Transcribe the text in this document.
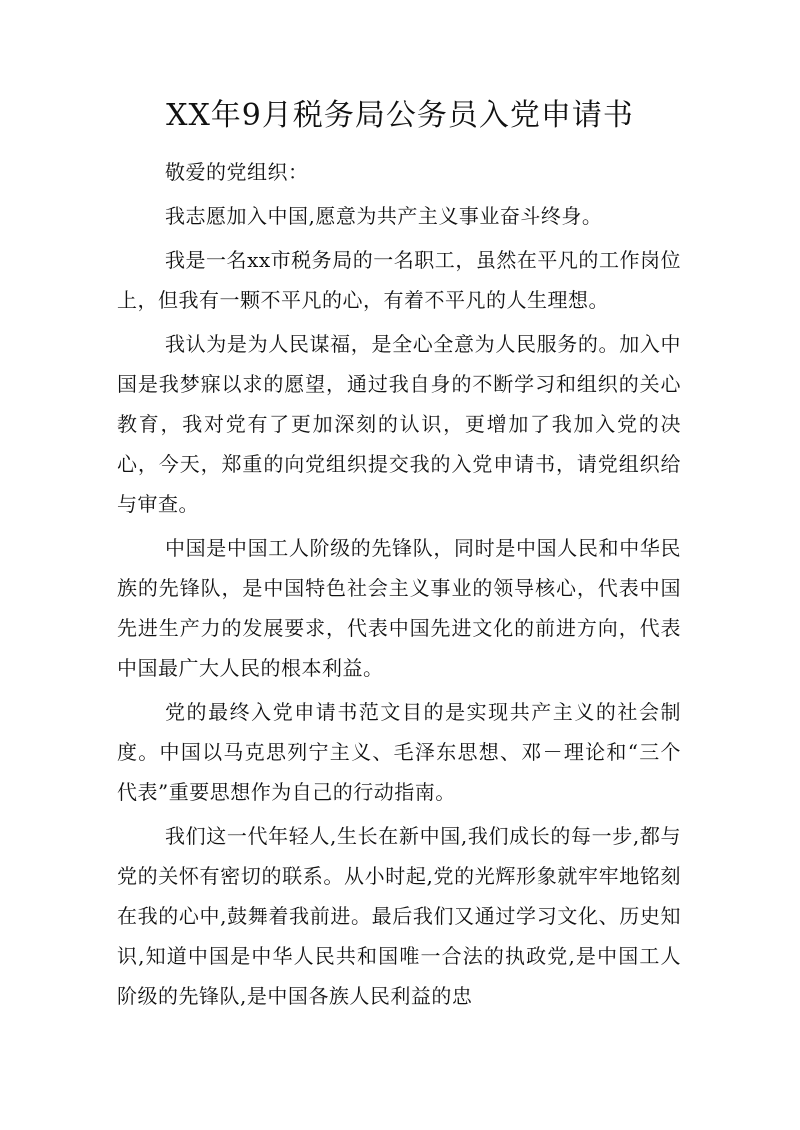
XX年9月税务局公务员入党申请书

敬爱的党组织：

我志愿加入中国,愿意为共产主义事业奋斗终身。

我是一名xx市税务局的一名职工，虽然在平凡的工作岗位上，但我有一颗不平凡的心，有着不平凡的人生理想。

我认为是为人民谋福，是全心全意为人民服务的。加入中国是我梦寐以求的愿望，通过我自身的不断学习和组织的关心教育，我对党有了更加深刻的认识，更增加了我加入党的决心，今天，郑重的向党组织提交我的入党申请书，请党组织给与审查。

中国是中国工人阶级的先锋队，同时是中国人民和中华民族的先锋队，是中国特色社会主义事业的领导核心，代表中国先进生产力的发展要求，代表中国先进文化的前进方向，代表中国最广大人民的根本利益。

党的最终入党申请书范文目的是实现共产主义的社会制度。中国以马克思列宁主义、毛泽东思想、邓－理论和“三个代表”重要思想作为自己的行动指南。

我们这一代年轻人,生长在新中国,我们成长的每一步,都与党的关怀有密切的联系。从小时起,党的光辉形象就牢牢地铭刻在我的心中,鼓舞着我前进。最后我们又通过学习文化、历史知识,知道中国是中华人民共和国唯一合法的执政党,是中国工人阶级的先锋队,是中国各族人民利益的忠
